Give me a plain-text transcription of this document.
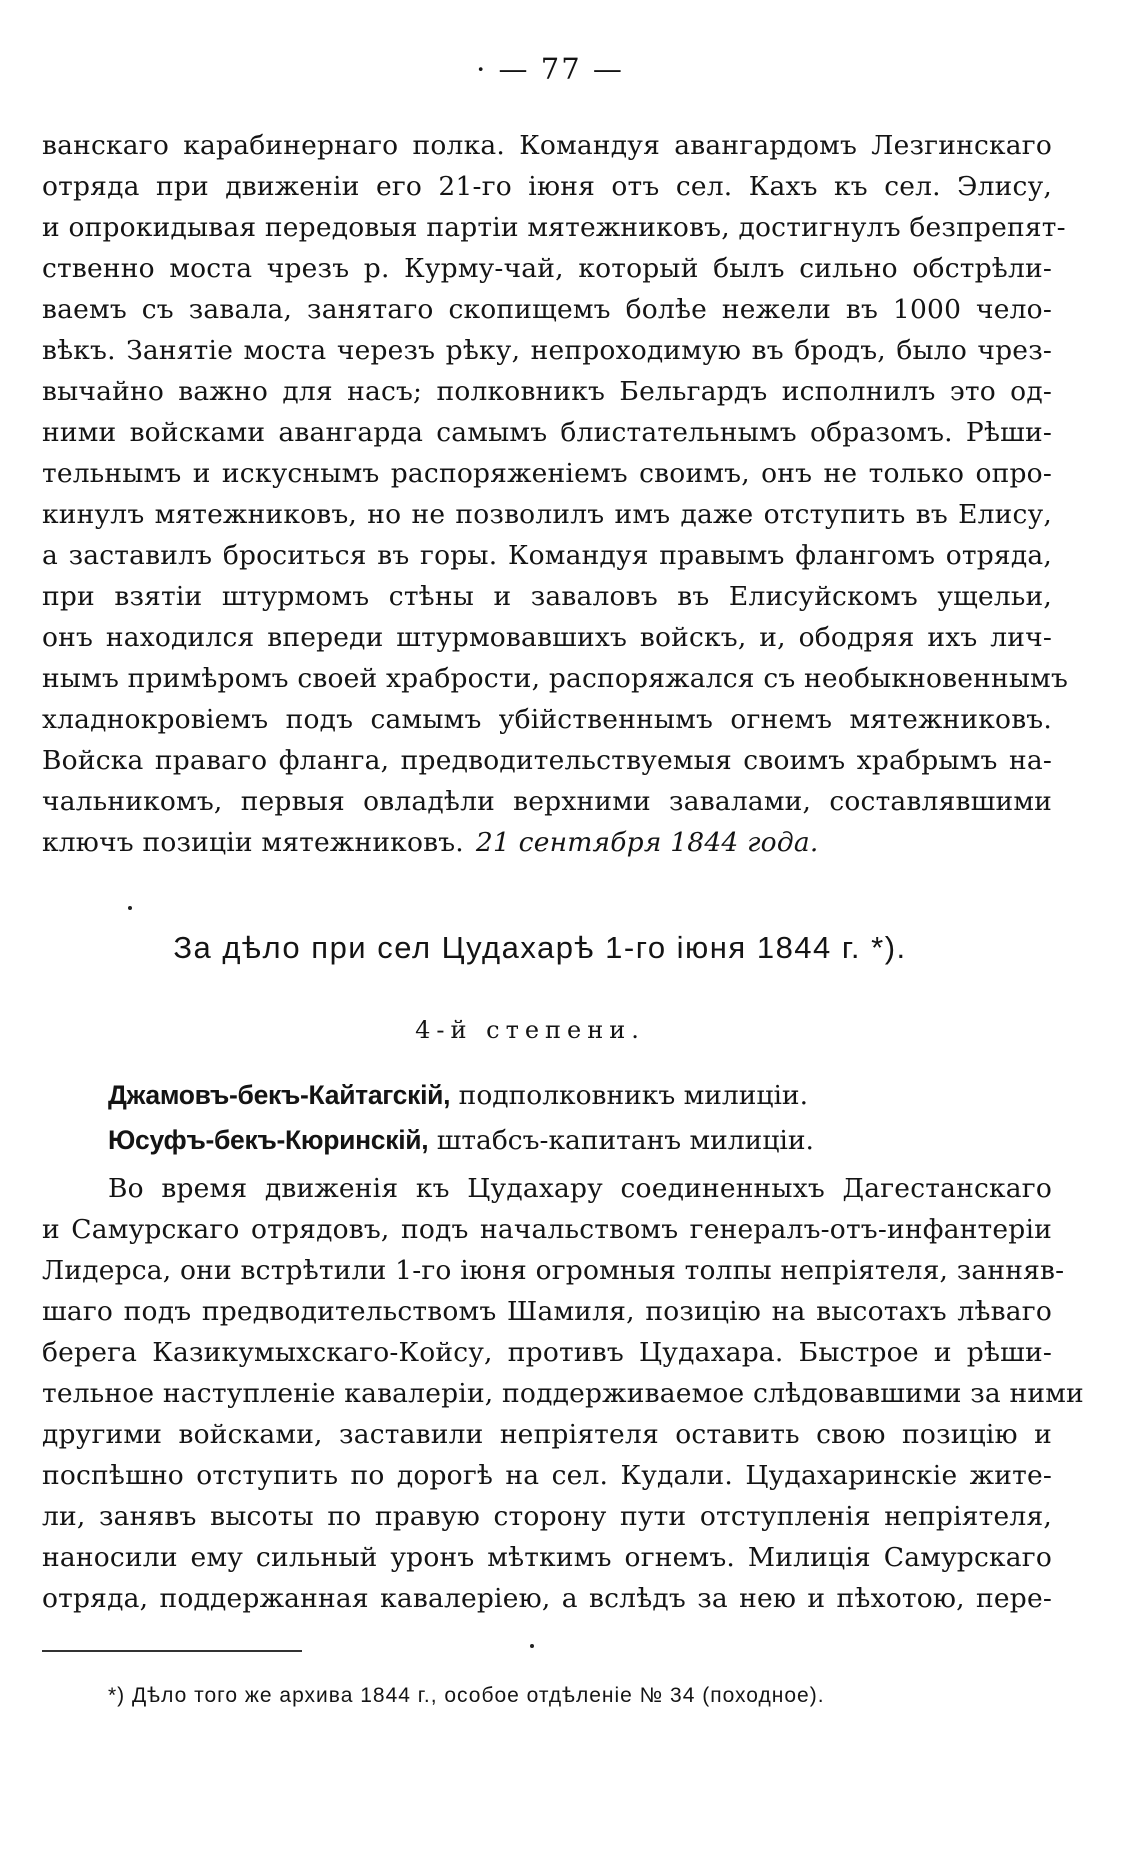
· — 77 —
ванскаго карабинернаго полка. Командуя авангардомъ Лезгинскаго
отряда при движеніи его 21-го іюня отъ сел. Кахъ къ сел. Элису,
и опрокидывая передовыя партіи мятежниковъ, достигнулъ безпрепят-
ственно моста чрезъ р. Курму-чай, который былъ сильно обстрѣли-
ваемъ съ завала, занятаго скопищемъ болѣе нежели въ 1000 чело-
вѣкъ. Занятіе моста черезъ рѣку, непроходимую въ бродъ, было чрез-
вычайно важно для насъ; полковникъ Бельгардъ исполнилъ это од-
ними войсками авангарда самымъ блистательнымъ образомъ. Рѣши-
тельнымъ и искуснымъ распоряженіемъ своимъ, онъ не только опро-
кинулъ мятежниковъ, но не позволилъ имъ даже отступить въ Елису,
а заставилъ броситься въ горы. Командуя правымъ флангомъ отряда,
при взятіи штурмомъ стѣны и заваловъ въ Елисуйскомъ ущельи,
онъ находился впереди штурмовавшихъ войскъ, и, ободряя ихъ лич-
нымъ примѣромъ своей храбрости, распоряжался съ необыкновеннымъ
хладнокровіемъ подъ самымъ убійственнымъ огнемъ мятежниковъ.
Войска праваго фланга, предводительствуемыя своимъ храбрымъ на-
чальникомъ, первыя овладѣли верхними завалами, составлявшими
ключъ позиціи мятежниковъ. 21 сентября 1844 года.
За дѣло при сел Цудахарѣ 1-го іюня 1844 г. *).
4-й степени.
Джамовъ-бекъ-Кайтагскій, подполковникъ милиціи.
Юсуфъ-бекъ-Кюринскій, штабсъ-капитанъ милиціи.
Во время движенія къ Цудахару соединенныхъ Дагестанскаго
и Самурскаго отрядовъ, подъ начальствомъ генералъ-отъ-инфантеріи
Лидерса, они встрѣтили 1-го іюня огромныя толпы непріятеля, занняв-
шаго подъ предводительствомъ Шамиля, позицію на высотахъ лѣваго
берега Казикумыхскаго-Койсу, противъ Цудахара. Быстрое и рѣши-
тельное наступленіе кавалеріи, поддерживаемое слѣдовавшими за ними
другими войсками, заставили непріятеля оставить свою позицію и
поспѣшно отступить по дорогѣ на сел. Кудали. Цудахаринскіе жите-
ли, занявъ высоты по правую сторону пути отступленія непріятеля,
наносили ему сильный уронъ мѣткимъ огнемъ. Милиція Самурскаго
отряда, поддержанная кавалеріею, а вслѣдъ за нею и пѣхотою, пере-
*) Дѣло того же архива 1844 г., особое отдѣленіе № 34 (походное).
